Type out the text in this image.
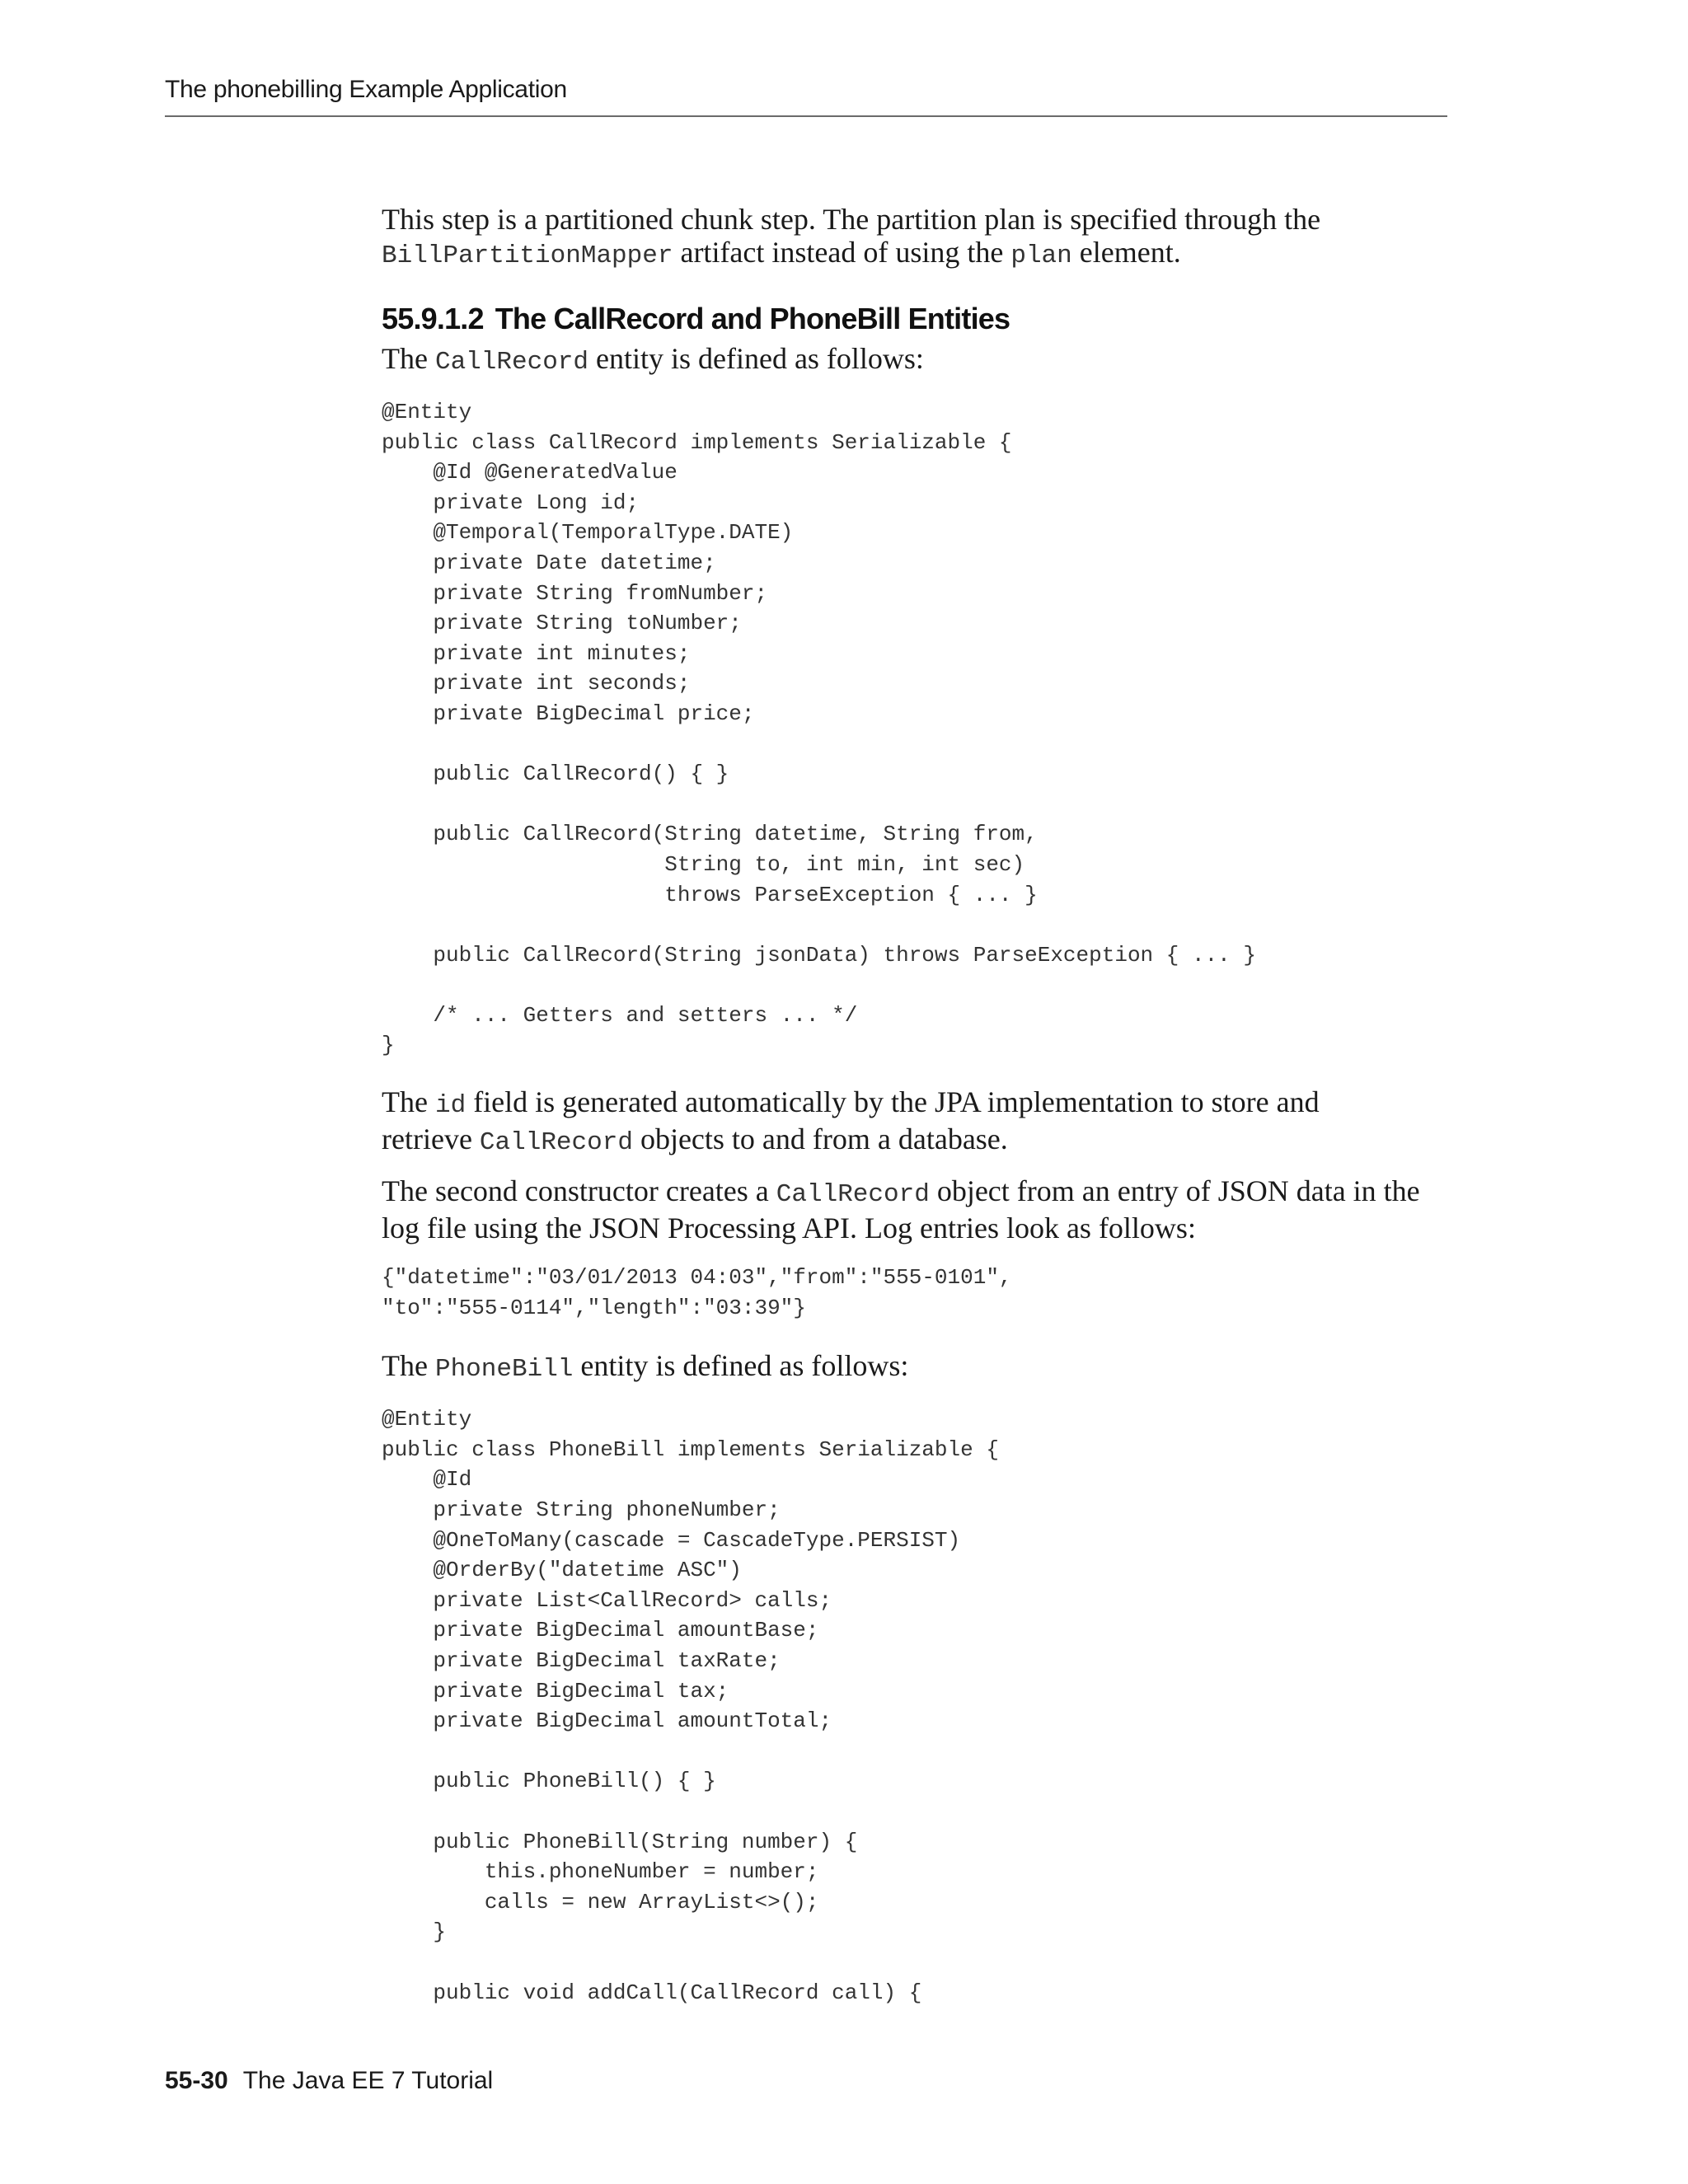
The phonebilling Example Application

This step is a partitioned chunk step. The partition plan is specified through the
BillPartitionMapper artifact instead of using the plan element.

55.9.1.2 The CallRecord and PhoneBill Entities

The CallRecord entity is defined as follows:

@Entity
public class CallRecord implements Serializable {
@Id @GeneratedValue
private Long id;
@Temporal(TemporalType.DATE)
private Date datetime;
private String fromNumber;
private String toNumber;
private int minutes;
private int seconds;
private BigDecimal price;

public CallRecord() { }

public CallRecord(String datetime, String from,
String to, int min, int sec)
throws ParseException { ... }

public CallRecord(String jsonData) throws ParseException { ... }

/* ... Getters and setters ... */
}

The id field is generated automatically by the JPA implementation to store and
retrieve CallRecord objects to and from a database.

The second constructor creates a CallRecord object from an entry of JSON data in the
log file using the JSON Processing API. Log entries look as follows:

{"datetime":"03/01/2013 04:03","from":"555-0101",
"to":"555-0114","length":"03:39"}

The PhoneBill entity is defined as follows:

@Entity
public class PhoneBill implements Serializable {
@Id
private String phoneNumber;
@OneToMany(cascade = CascadeType.PERSIST)
@OrderBy("datetime ASC")
private List<CallRecord> calls;
private BigDecimal amountBase;
private BigDecimal taxRate;
private BigDecimal tax;
private BigDecimal amountTotal;

public PhoneBill() { }

public PhoneBill(String number) {
this.phoneNumber = number;
calls = new ArrayList<>();
}

public void addCall(CallRecord call) {
55-30 The Java EE 7 Tutorial
